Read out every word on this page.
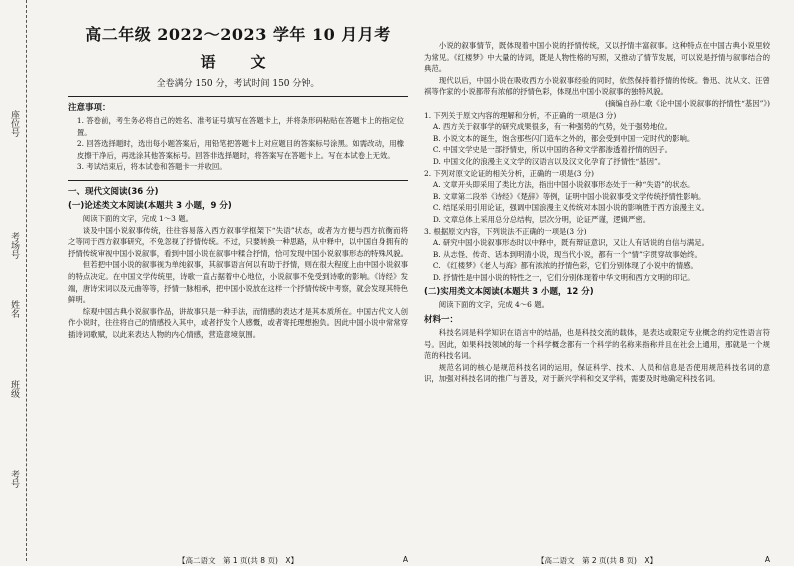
座位号
考场号
姓名
班级
考号
高二年级 2022～2023 学年 10 月月考
语　文
全卷满分 150 分，考试时间 150 分钟。
注意事项：

1. 答卷前，考生务必将自己的姓名、准考证号填写在答题卡上，并将条形码粘贴在答题卡上的指定位置。

2. 回答选择题时，选出每小题答案后，用铅笔把答题卡上对应题目的答案标号涂黑。如需改动，用橡皮擦干净后，再选涂其他答案标号。回答非选择题时，将答案写在答题卡上。写在本试卷上无效。

3. 考试结束后，将本试卷和答题卡一并收回。

一、现代文阅读(36 分)
(一)论述类文本阅读(本题共 3 小题，9 分)

阅读下面的文字，完成 1～3 题。

谈及中国小说叙事传统，往往容易落入西方叙事学框架下“失语”状态，或者为方便与西方抗衡而将之等同于西方叙事研究，不免忽视了抒情传统。不过，只要转换一种思路，从中释中，以中国自身拥有的抒情传统审视中国小说叙事，看到中国小说在叙事中糅合抒情，恰可发现中国小说叙事形态的特殊风貌。

但若把中国小说的叙事视为单纯叙事，其叙事语言何以有助于抒情，则在很大程度上由中国小说叙事的特点决定。在中国文学传统里，诗歌一直占据着中心地位，小说叙事不免受到诗歌的影响。《诗经》发端，唐诗宋词以及元曲等等，抒情一脉相承，把中国小说放在这样一个抒情传统中考察，就会发现其特色鲜明。

综观中国古典小说叙事作品，讲故事只是一种手法，而情感的表达才是其本质所在。中国古代文人创作小说时，往往将自己的情感投入其中，或者抒发个人感慨，或者寄托理想抱负。因此中国小说中常常穿插诗词歌赋，以此来表达人物的内心情感，营造意境氛围。

小说的叙事情节，既体现着中国小说的抒情传统，又以抒情丰富叙事。这种特点在中国古典小说里较为常见。《红楼梦》中大量的诗词，既是人物性格的写照，又推动了情节发展，可以说是抒情与叙事结合的典范。

现代以后，中国小说在吸收西方小说叙事经验的同时，依然保持着抒情的传统。鲁迅、沈从文、汪曾祺等作家的小说都带有浓郁的抒情色彩，体现出中国小说叙事的独特风貌。

(摘编自孙仁歌《论中国小说叙事的抒情性“基因”》)

1. 下列关于原文内容的理解和分析，不正确的一项是(3 分)

A. 西方关于叙事学的研究成果很多，有一种强势的气势，处于强势地位。

B. 小说文本的诞生，饱含那些闪门造车之外的，都会受到中国一定时代的影响。

C. 中国文学史是一部抒情史，所以中国的各种文学都渗透着抒情的因子。

D. 中国文化的浪漫主义文学的汉语言以及汉文化孕育了抒情性“基因”。

2. 下列对原文论证的相关分析，正确的一项是(3 分)

A. 文章开头即采用了类比方法，指出中国小说叙事形态处于一种“失语”的状态。

B. 文章第二段举《诗经》《楚辞》等例，证明中国小说叙事受文学传统抒情性影响。

C. 结尾采用引用论证，强调中国浪漫主义传统对本国小说的影响胜于西方浪漫主义。

D. 文章总体上采用总分总结构，层次分明，论证严谨，逻辑严密。

3. 根据原文内容，下列说法不正确的一项是(3 分)

A. 研究中国小说叙事形态时以中释中，既有辩证意识，又让人有话说的自信与满足。

B. 从志怪、传奇、话本到明清小说，现当代小说，都有一个“情”字贯穿故事始终。

C. 《红楼梦》《老人与海》都有浓浓的抒情色彩，它们分别体现了小说中的情感。

D. 抒情性是中国小说的特性之一，它们分别体现着中华文明和西方文明的印记。

(二)实用类文本阅读(本题共 3 小题，12 分)

阅读下面的文字，完成 4～6 题。

材料一：

科技名词是科学知识在语言中的结晶，也是科技交流的载体，是表达或限定专业概念的约定性语言符号。因此，如果科技领域的每一个科学概念都有一个科学的名称来指称并且在社会上通用，那就是一个规范的科技名词。

规范名词的核心是规范科技名词的运用，保证科学、技术、人员和信息是否使用规范科技名词的意识，加强对科技名词的推广与普及，对于新兴学科和交叉学科，需要及时地确定科技名词。

【高二语文　第 1 页(共 8 页)　X】	A	【高二语文　第 2 页(共 8 页)　X】	A
